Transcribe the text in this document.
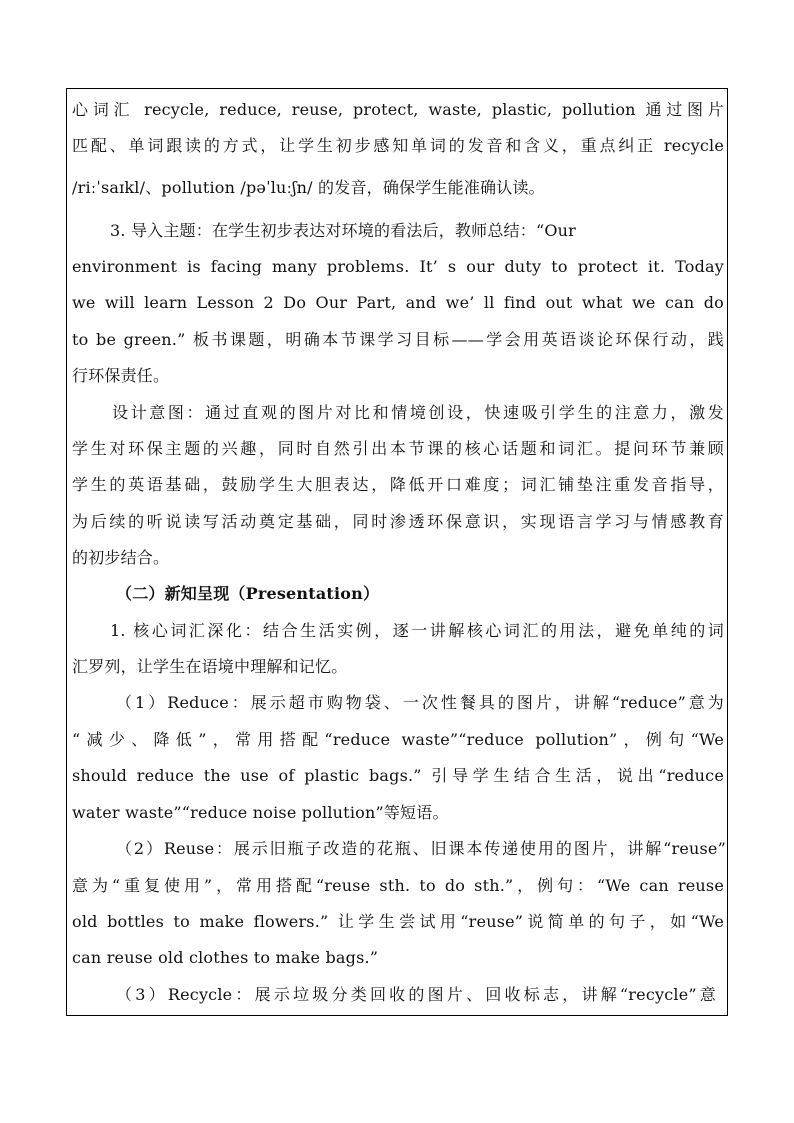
心词汇 recycle, reduce, reuse, protect, waste, plastic, pollution 通过图片
匹配、单词跟读的方式，让学生初步感知单词的发音和含义，重点纠正 recycle
/riːˈsaɪkl/、pollution /pəˈluːʃn/ 的发音，确保学生能准确认读。
3. 导入主题：在学生初步表达对环境的看法后，教师总结：“Our
environment is facing many problems. It’ s our duty to protect it. Today
we will learn Lesson 2 Do Our Part, and we’ ll find out what we can do
to be green.” 板书课题，明确本节课学习目标——学会用英语谈论环保行动，践
行环保责任。
设计意图：通过直观的图片对比和情境创设，快速吸引学生的注意力，激发
学生对环保主题的兴趣，同时自然引出本节课的核心话题和词汇。提问环节兼顾
学生的英语基础，鼓励学生大胆表达，降低开口难度；词汇铺垫注重发音指导，
为后续的听说读写活动奠定基础，同时渗透环保意识，实现语言学习与情感教育
的初步结合。
（二）新知呈现（Presentation）
1. 核心词汇深化：结合生活实例，逐一讲解核心词汇的用法，避免单纯的词
汇罗列，让学生在语境中理解和记忆。
（1）Reduce：展示超市购物袋、一次性餐具的图片，讲解“reduce”意为
“减少、降低”，常用搭配“reduce waste”“reduce pollution”，例句“We
should reduce the use of plastic bags.” 引导学生结合生活，说出“reduce
water waste”“reduce noise pollution”等短语。
（2）Reuse：展示旧瓶子改造的花瓶、旧课本传递使用的图片，讲解“reuse”
意为“重复使用”，常用搭配“reuse sth. to do sth.”，例句：“We can reuse
old bottles to make flowers.” 让学生尝试用“reuse”说简单的句子，如“We
can reuse old clothes to make bags.”
（3）Recycle：展示垃圾分类回收的图片、回收标志，讲解“recycle”意
